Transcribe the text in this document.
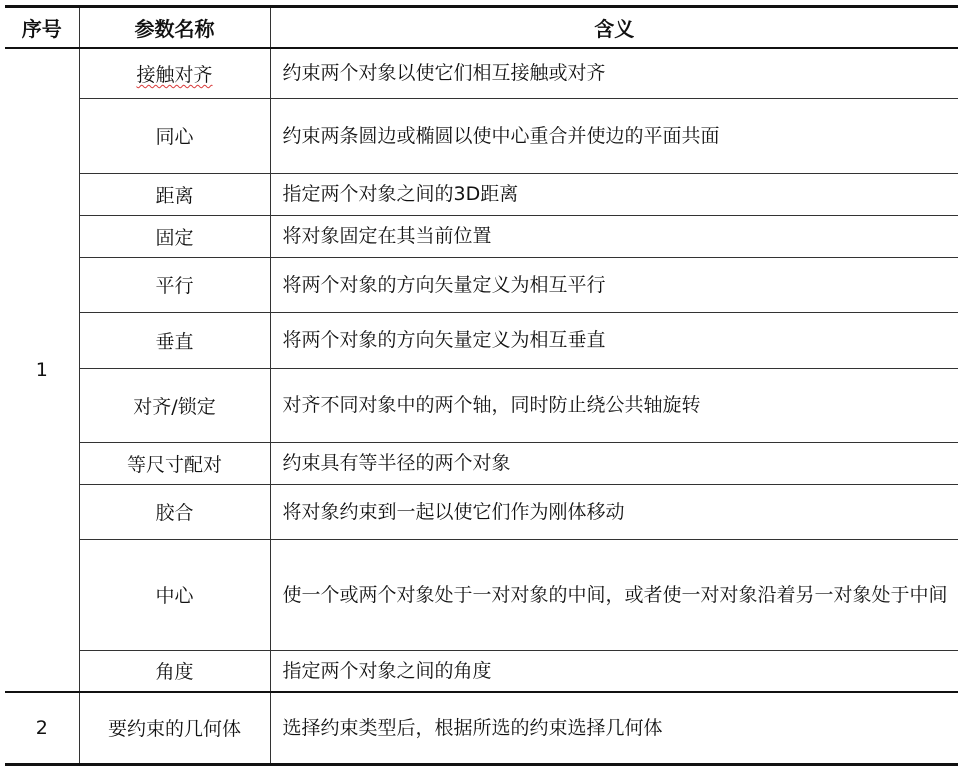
序号	参数名称	含义
1	接触对齐	约束两个对象以使它们相互接触或对齐
	同心	约束两条圆边或椭圆以使中心重合并使边的平面共面
	距离	指定两个对象之间的3D距离
	固定	将对象固定在其当前位置
	平行	将两个对象的方向矢量定义为相互平行
	垂直	将两个对象的方向矢量定义为相互垂直
	对齐/锁定	对齐不同对象中的两个轴，同时防止绕公共轴旋转
	等尺寸配对	约束具有等半径的两个对象
	胶合	将对象约束到一起以使它们作为刚体移动
	中心	使一个或两个对象处于一对对象的中间，或者使一对对象沿着另一对象处于中间
	角度	指定两个对象之间的角度
2	要约束的几何体	选择约束类型后，根据所选的约束选择几何体
